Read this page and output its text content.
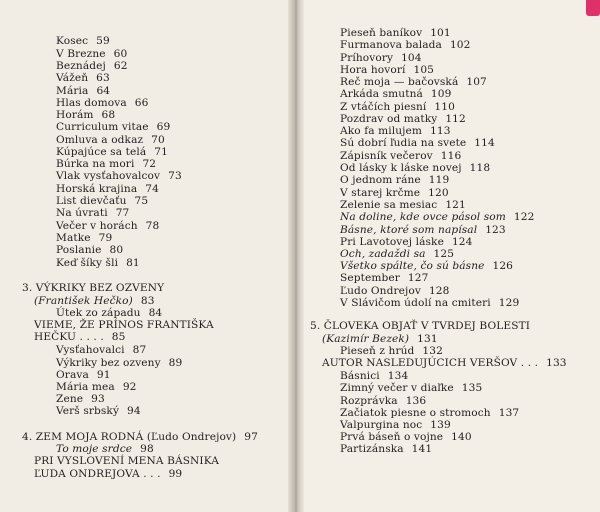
Kosec 59
V Brezne 60
Beznádej 62
Vážeň 63
Mária 64
Hlas domova 66
Horám 68
Curriculum vitae 69
Omluva a odkaz 70
Kúpajúce sa telá 71
Búrka na mori 72
Vlak vysťahovalcov 73
Horská krajina 74
List dievčaťu 75
Na úvrati 77
Večer v horách 78
Matke 79
Poslanie 80
Keď šíky šli 81
3. VÝKRIKY BEZ OZVENY
(František Hečko) 83
Útek zo západu 84
VIEME, ŽE PRÍNOS FRANTIŠKA
HEČKU . . . . 85
Vysťahovalci 87
Výkriky bez ozveny 89
Orava 91
Mária mea 92
Zene 93
Verš srbský 94
4. ZEM MOJA RODNÁ (Ľudo Ondrejov) 97
To moje srdce 98
PRI VYSLOVENÍ MENA BÁSNIKA
ĽUDA ONDREJOVA . . . 99
Pieseň baníkov 101
Furmanova balada 102
Príhovory 104
Hora hovorí 105
Reč moja — bačovská 107
Arkáda smutná 109
Z vtáčích piesní 110
Pozdrav od matky 112
Ako fa milujem 113
Sú dobrí ľudia na svete 114
Zápisník večerov 116
Od lásky k láske novej 118
O jednom ráne 119
V starej krčme 120
Zelenie sa mesiac 121
Na doline, kde ovce pásol som 122
Básne, ktoré som napísal 123
Pri Lavotovej láske 124
Och, zadaždi sa 125
Všetko spálte, čo sú básne 126
September 127
Ľudo Ondrejov 128
V Slávičom údolí na cmiteri 129
5. ČLOVEKA OBJAŤ V TVRDEJ BOLESTI
(Kazimír Bezek) 131
Pieseň z hrúd 132
AUTOR NASLEDUJÚCICH VERŠOV . . . 133
Básnici 134
Zimný večer v diaľke 135
Rozprávka 136
Začiatok piesne o stromoch 137
Valpurgina noc 139
Prvá báseň o vojne 140
Partizánska 141
